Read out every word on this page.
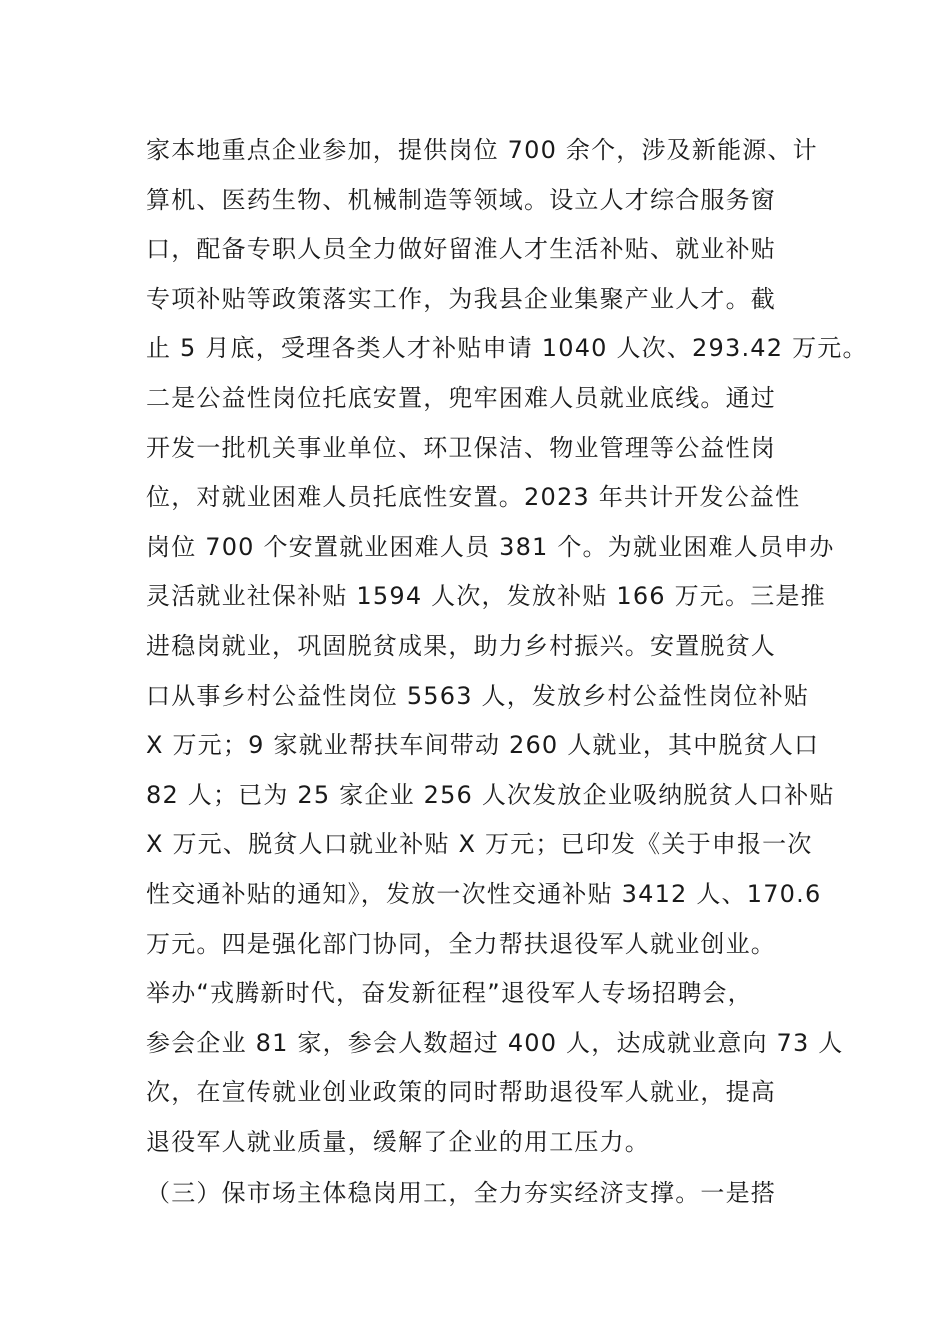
家本地重点企业参加，提供岗位 700 余个，涉及新能源、计
算机、医药生物、机械制造等领域。设立人才综合服务窗
口，配备专职人员全力做好留淮人才生活补贴、就业补贴
专项补贴等政策落实工作，为我县企业集聚产业人才。截
止 5 月底，受理各类人才补贴申请 1040 人次、293.42 万元。
二是公益性岗位托底安置，兜牢困难人员就业底线。通过
开发一批机关事业单位、环卫保洁、物业管理等公益性岗
位，对就业困难人员托底性安置。2023 年共计开发公益性
岗位 700 个安置就业困难人员 381 个。为就业困难人员申办
灵活就业社保补贴 1594 人次，发放补贴 166 万元。三是推
进稳岗就业，巩固脱贫成果，助力乡村振兴。安置脱贫人
口从事乡村公益性岗位 5563 人，发放乡村公益性岗位补贴
X 万元；9 家就业帮扶车间带动 260 人就业，其中脱贫人口
82 人；已为 25 家企业 256 人次发放企业吸纳脱贫人口补贴
X 万元、脱贫人口就业补贴 X 万元；已印发《关于申报一次
性交通补贴的通知》，发放一次性交通补贴 3412 人、170.6
万元。四是强化部门协同，全力帮扶退役军人就业创业。
举办“戎腾新时代，奋发新征程”退役军人专场招聘会，
参会企业 81 家，参会人数超过 400 人，达成就业意向 73 人
次，在宣传就业创业政策的同时帮助退役军人就业，提高
退役军人就业质量，缓解了企业的用工压力。
（三）保市场主体稳岗用工，全力夯实经济支撑。一是搭
